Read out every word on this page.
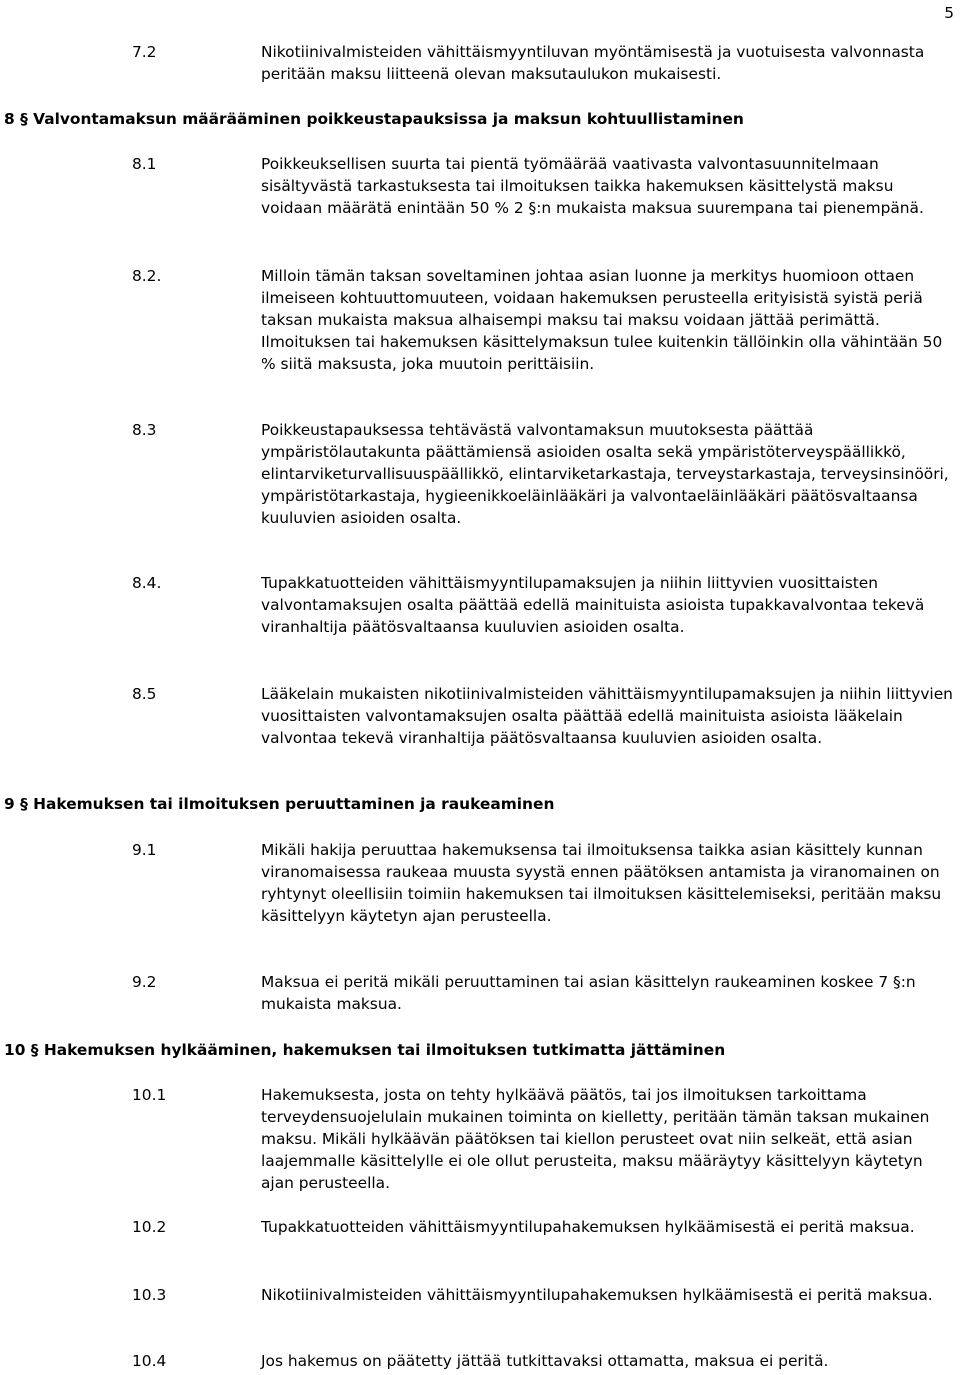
5
7.2	Nikotiinivalmisteiden vähittäismyyntiluvan myöntämisestä ja vuotuisesta valvonnasta peritään maksu liitteenä olevan maksutaulukon mukaisesti.
8 § Valvontamaksun määrääminen poikkeustapauksissa ja maksun kohtuullistaminen
8.1	Poikkeuksellisen suurta tai pientä työmäärää vaativasta valvontasuunnitelmaan sisältyvästä tarkastuksesta tai ilmoituksen taikka hakemuksen käsittelystä maksu voidaan määrätä enintään 50 % 2 §:n mukaista maksua suurempana tai pienempänä.
8.2.	Milloin tämän taksan soveltaminen johtaa asian luonne ja merkitys huomioon ottaen ilmeiseen kohtuuttomuuteen, voidaan hakemuksen perusteella erityisistä syistä periä taksan mukaista maksua alhaisempi maksu tai maksu voidaan jättää perimättä. Ilmoituksen tai hakemuksen käsittelymaksun tulee kuitenkin tällöinkin olla vähintään 50 % siitä maksusta, joka muutoin perittäisiin.
8.3	Poikkeustapauksessa tehtävästä valvontamaksun muutoksesta päättää ympäristölautakunta päättämiensä asioiden osalta sekä ympäristöterveyspäällikkö, elintarviketurvallisuuspäällikkö, elintarviketarkastaja, terveystarkastaja, terveysinsinööri, ympäristötarkastaja, hygieenikkoeläinlääkäri ja valvontaeläinlääkäri päätösvaltaansa kuuluvien asioiden osalta.
8.4.	Tupakkatuotteiden vähittäismyyntilupamaksujen ja niihin liittyvien vuosittaisten valvontamaksujen osalta päättää edellä mainituista asioista tupakkavalvontaa tekevä viranhaltija päätösvaltaansa kuuluvien asioiden osalta.
8.5	Lääkelain mukaisten nikotiinivalmisteiden vähittäismyyntilupamaksujen ja niihin liittyvien vuosittaisten valvontamaksujen osalta päättää edellä mainituista asioista lääkelain valvontaa tekevä viranhaltija päätösvaltaansa kuuluvien asioiden osalta.
9 § Hakemuksen tai ilmoituksen peruuttaminen ja raukeaminen
9.1	Mikäli hakija peruuttaa hakemuksensa tai ilmoituksensa taikka asian käsittely kunnan viranomaisessa raukeaa muusta syystä ennen päätöksen antamista ja viranomainen on ryhtynyt oleellisiin toimiin hakemuksen tai ilmoituksen käsittelemiseksi, peritään maksu käsittelyyn käytetyn ajan perusteella.
9.2	Maksua ei peritä mikäli peruuttaminen tai asian käsittelyn raukeaminen koskee 7 §:n mukaista maksua.
10 § Hakemuksen hylkääminen, hakemuksen tai ilmoituksen tutkimatta jättäminen
10.1	Hakemuksesta, josta on tehty hylkäävä päätös, tai jos ilmoituksen tarkoittama terveydensuojelulain mukainen toiminta on kielletty, peritään tämän taksan mukainen maksu. Mikäli hylkäävän päätöksen tai kiellon perusteet ovat niin selkeät, että asian laajemmalle käsittelylle ei ole ollut perusteita, maksu määräytyy käsittelyyn käytetyn ajan perusteella.
10.2	Tupakkatuotteiden vähittäismyyntilupahakemuksen hylkäämisestä ei peritä maksua.
10.3	Nikotiinivalmisteiden vähittäismyyntilupahakemuksen hylkäämisestä ei peritä maksua.
10.4	Jos hakemus on päätetty jättää tutkittavaksi ottamatta, maksua ei peritä.
